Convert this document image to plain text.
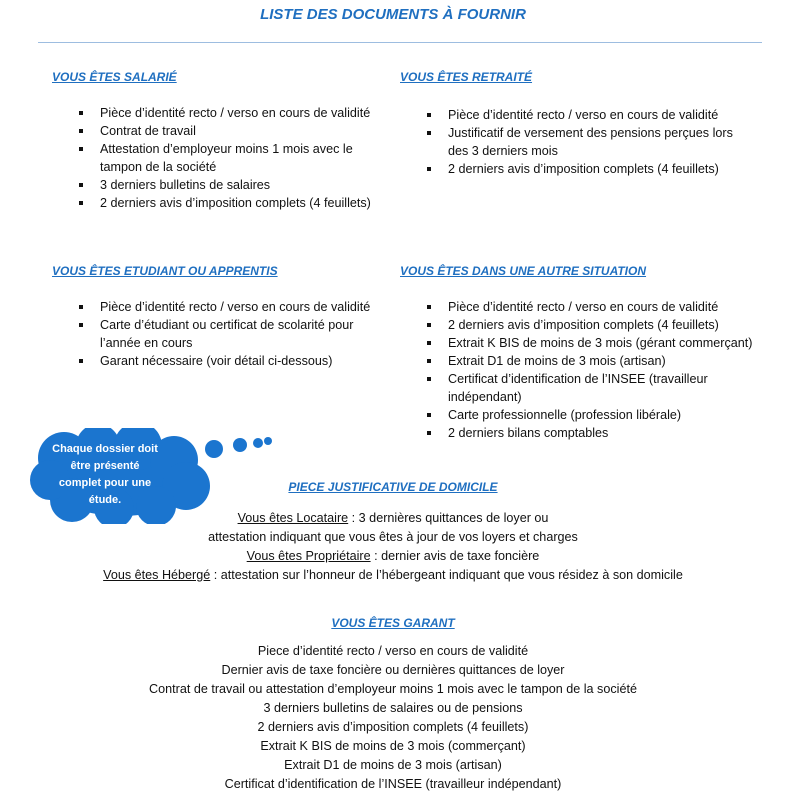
LISTE DES DOCUMENTS À FOURNIR
VOUS ÊTES SALARIÉ
Pièce d’identité recto / verso en cours de validité
Contrat de travail
Attestation d’employeur moins 1 mois avec le tampon de la société
3 derniers bulletins de salaires
2 derniers avis d’imposition complets (4 feuillets)
VOUS ÊTES RETRAITÉ
Pièce d’identité recto / verso en cours de validité
Justificatif de versement des pensions perçues lors des 3 derniers mois
2 derniers avis d’imposition complets (4 feuillets)
VOUS ÊTES ETUDIANT OU APPRENTIS
Pièce d’identité recto / verso en cours de validité
Carte d’étudiant ou certificat de scolarité pour l’année en cours
Garant nécessaire (voir détail ci-dessous)
VOUS ÊTES DANS UNE AUTRE SITUATION
Pièce d’identité recto / verso en cours de validité
2 derniers avis d’imposition complets (4 feuillets)
Extrait K BIS de moins de 3 mois (gérant commerçant)
Extrait D1 de moins de 3 mois (artisan)
Certificat d’identification de l’INSEE (travailleur indépendant)
Carte professionnelle (profession libérale)
2 derniers bilans comptables
Chaque dossier doit être présenté complet pour une étude.
PIECE JUSTIFICATIVE DE DOMICILE
Vous êtes Locataire : 3 dernières quittances de loyer ou
attestation indiquant que vous êtes à jour de vos loyers et charges
Vous êtes Propriétaire : dernier avis de taxe foncière
Vous êtes Hébergé : attestation sur l’honneur de l’hébergeant indiquant que vous résidez à son domicile
VOUS ÊTES GARANT
Piece d’identité recto / verso en cours de validité
Dernier avis de taxe foncière ou dernières quittances de loyer
Contrat de travail ou attestation d’employeur moins 1 mois avec le tampon de la société
3 derniers bulletins de salaires ou de pensions
2 derniers avis d’imposition complets (4 feuillets)
Extrait K BIS de moins de 3 mois (commerçant)
Extrait D1 de moins de 3 mois (artisan)
Certificat d’identification de l’INSEE (travailleur indépendant)
